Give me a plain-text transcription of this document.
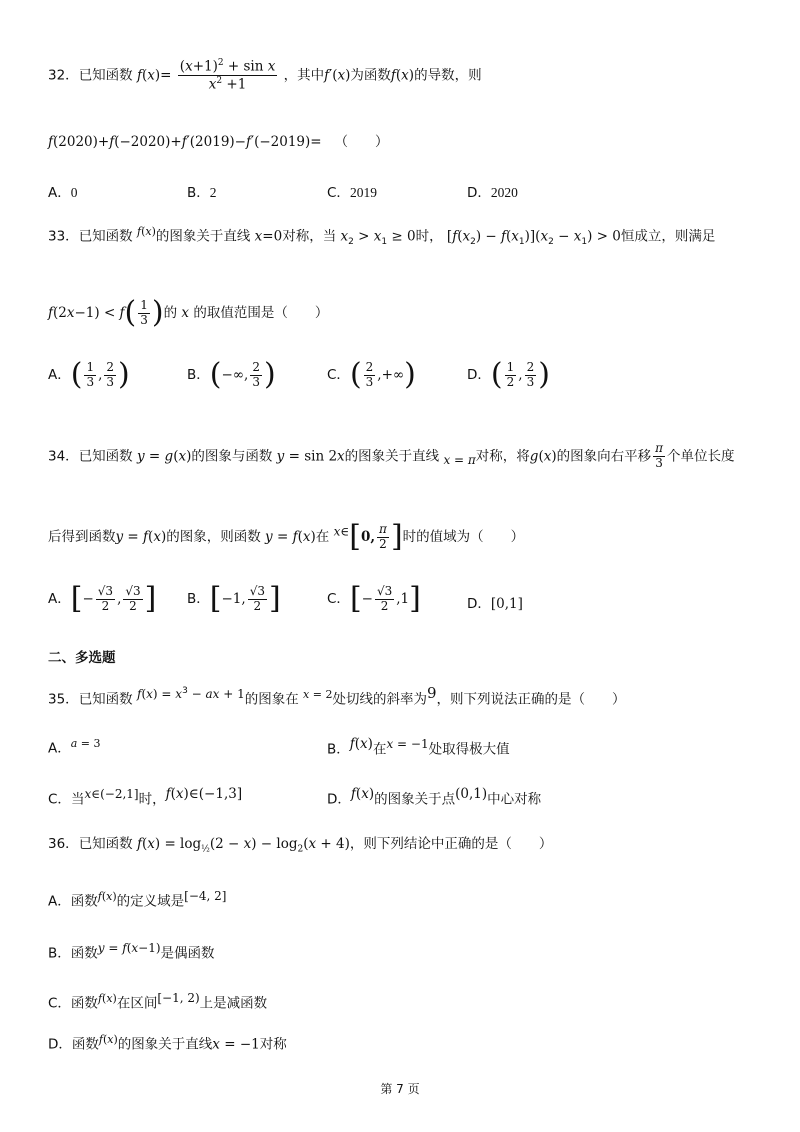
32．已知函数 $f(x)= \frac{(x+1)^2 + \sin x}{x^2 +1}$ ，其中f′(x)为函数f(x)的导数，则
f(2020)+f(−2020)+f′(2019)−f′(−2019)=   （　　）
A．0	B．2	C．2019	D．2020
33．已知函数 $^{f(x)}$的图象关于直线 x=0对称，当 $x_2 > x_1 \ge 0$时， $[f(x_2) - f(x_1)](x_2 - x_1) > 0$恒成立，则满足
$f(2x-1) < f( \frac{1}{3}$ )的 x 的取值范围是（　　）
A．( $\frac{1}{3}$ , $\frac{2}{3}$ )	B．(−∞, $\frac{2}{3}$ )	C．( $\frac{2}{3}$ ,+∞)	D．( $\frac{1}{2}$ , $\frac{2}{3}$ )
34．已知函数 y = g(x)的图象与函数 y = sin 2x的图象关于直线 x = π对称，将g(x)的图象向右平移 $\frac{\pi}{3}$ 个单位长度
后得到函数y = f(x)的图象，则函数 y = f(x)在 x∈[0, $\frac{\pi}{2}$ ]时的值域为（　　）
A．[− $\frac{√3}{2}$ , $\frac{√3}{2}$ ] B．[−1, $\frac{√3}{2}$ ]	C．[− $\frac{√3}{2} ,1$]	D．[0,1]
二、多选题
35．已知函数 $f(x) = x^3$ − ax + 1的图象在 $^x$ $^{= 2}$处切线的斜率为9，则下列说法正确的是（　　）
A．$^a$ $^{= 3}$	B．f(x)在x = −1处取得极大值
C．当x∈(−2,1]时，f(x)∈(−1,3]	D．f(x)的图象关于点(0,1)中心对称
36．已知函数 $f(x) = \log_{\frac{1}{2}}(2 - x) - \log_2(x + 4)$，则下列结论中正确的是（　　）
A．函数$^{f(x)}$的定义域是[−4, 2]
B．函数y = f(x−1)是偶函数
C．函数$^{f(x)}$在区间[−1, 2)上是减函数
D．函数$^{f(x)}$的图象关于直线x = −1对称
第 7 页
